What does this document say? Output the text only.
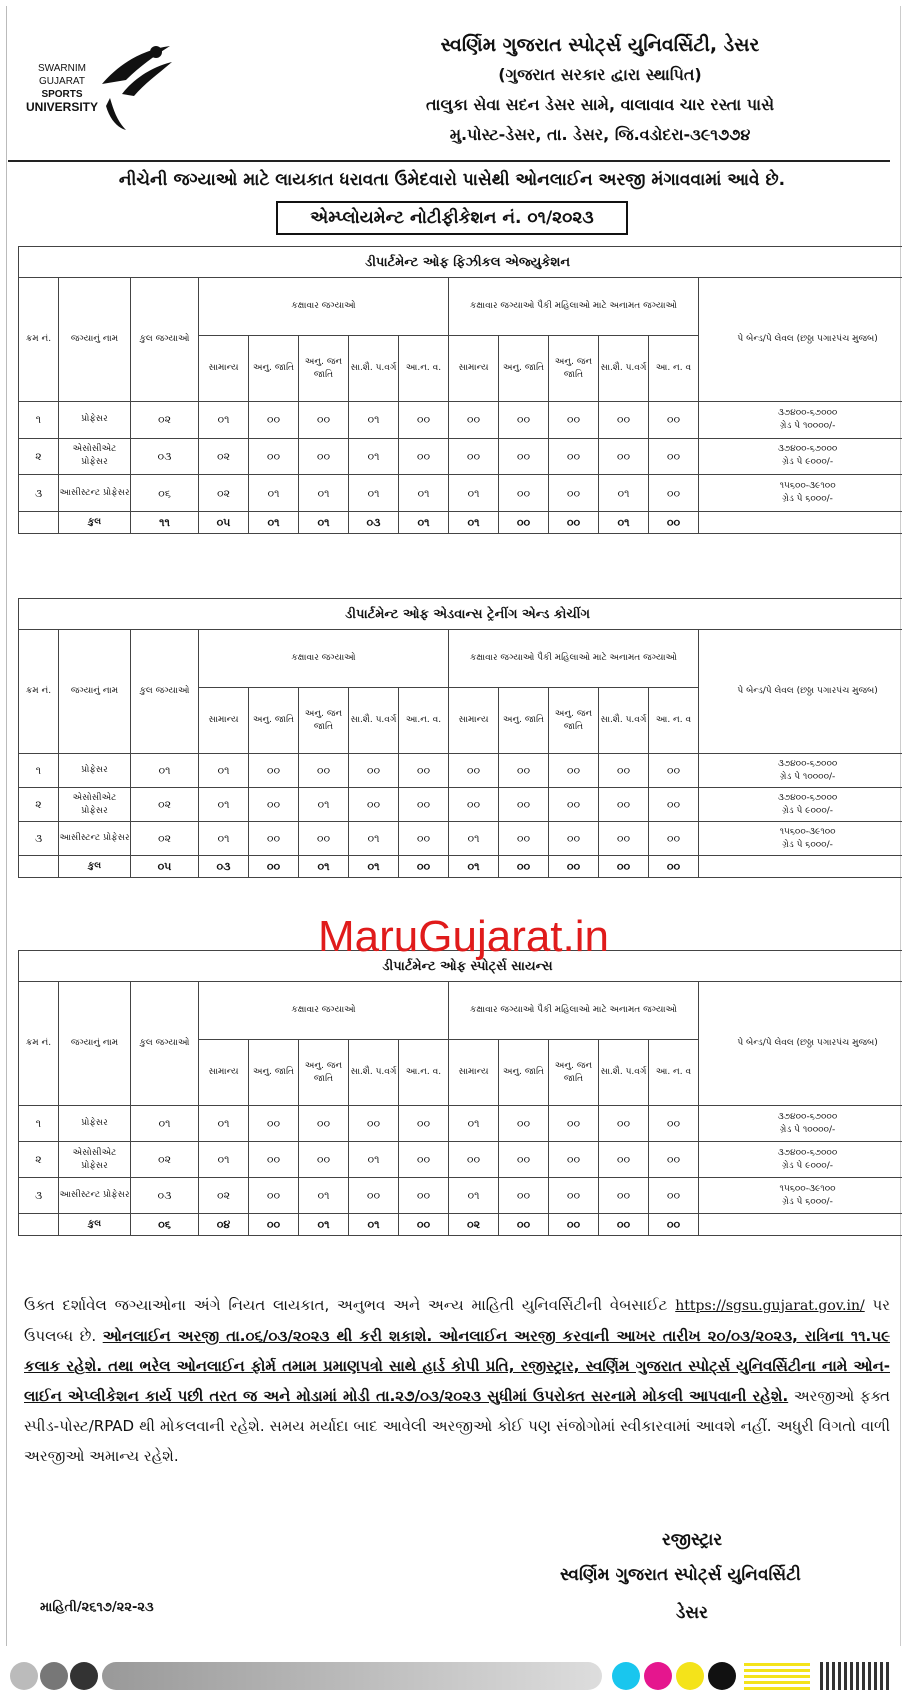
SWARNIM
GUJARAT
SPORTS
UNIVERSITY
સ્વર્ણિમ ગુજરાત સ્પોર્ટ્સ યુનિવર્સિટી, ડેસર
(ગુજરાત સરકાર દ્વારા સ્થાપિત)
તાલુકા સેવા સદન ડેસર સામે, વાલાવાવ ચાર રસ્તા પાસે
મુ.પોસ્ટ-ડેસર, તા. ડેસર, જિ.વડોદરા-૩૯૧૭૭૪
નીચેની જગ્યાઓ માટે લાયકાત ધરાવતા ઉમેદવારો પાસેથી ઓનલાઈન અરજી મંગાવવામાં આવે છે.
એમ્પ્લોયમેન્ટ નોટીફીકેશન નં. ૦૧/૨૦૨૩
ડીપાર્ટમેન્ટ ઓફ ફિઝીકલ એજ્યુકેશન													
ક્રમ નં.	જગ્યાનું નામ	કુલ જગ્યાઓ	કક્ષાવાર જગ્યાઓ					કક્ષાવાર જગ્યાઓ પૈકી મહિલાઓ માટે અનામત જગ્યાઓ					પે બેન્ડ/પે લેવલ (છઠ્ઠા પગારપંચ મુજબ)
			સામાન્ય	અનુ. જાતિ	અનુ. જન જાતિ	સા.શૈ. પ.વર્ગ	આ.ન. વ.	સામાન્ય	અનુ. જાતિ	અનુ. જન જાતિ	સા.શૈ. પ.વર્ગ	આ. ન. વ	
૧	પ્રોફેસર	૦૨	૦૧	૦૦	૦૦	૦૧	૦૦	૦૦	૦૦	૦૦	૦૦	૦૦	૩૭૪૦૦-૬૭૦૦૦
ગ્રેડ પે ૧૦૦૦૦/-

૨	એસોસીએટ પ્રોફેસર	૦૩	૦૨	૦૦	૦૦	૦૧	૦૦	૦૦	૦૦	૦૦	૦૦	૦૦	૩૭૪૦૦-૬૭૦૦૦
ગ્રેડ પે ૯૦૦૦/-

૩	આસીસ્ટન્ટ પ્રોફેસર	૦૬	૦૨	૦૧	૦૧	૦૧	૦૧	૦૧	૦૦	૦૦	૦૧	૦૦	૧૫૬૦૦-૩૯૧૦૦
ગ્રેડ પે ૬૦૦૦/-

	કુલ	૧૧	૦૫	૦૧	૦૧	૦૩	૦૧	૦૧	૦૦	૦૦	૦૧	૦૦	
ડીપાર્ટમેન્ટ ઓફ એડવાન્સ ટ્રેનીંગ એન્ડ કોચીંગ													
ક્રમ નં.	જગ્યાનું નામ	કુલ જગ્યાઓ	કક્ષાવાર જગ્યાઓ					કક્ષાવાર જગ્યાઓ પૈકી મહિલાઓ માટે અનામત જગ્યાઓ					પે બેન્ડ/પે લેવલ (છઠ્ઠા પગારપંચ મુજબ)
			સામાન્ય	અનુ. જાતિ	અનુ. જન જાતિ	સા.શૈ. પ.વર્ગ	આ.ન. વ.	સામાન્ય	અનુ. જાતિ	અનુ. જન જાતિ	સા.શૈ. પ.વર્ગ	આ. ન. વ	
૧	પ્રોફેસર	૦૧	૦૧	૦૦	૦૦	૦૦	૦૦	૦૦	૦૦	૦૦	૦૦	૦૦	૩૭૪૦૦-૬૭૦૦૦
ગ્રેડ પે ૧૦૦૦૦/-

૨	એસોસીએટ પ્રોફેસર	૦૨	૦૧	૦૦	૦૧	૦૦	૦૦	૦૦	૦૦	૦૦	૦૦	૦૦	૩૭૪૦૦-૬૭૦૦૦
ગ્રેડ પે ૯૦૦૦/-

૩	આસીસ્ટન્ટ પ્રોફેસર	૦૨	૦૧	૦૦	૦૦	૦૧	૦૦	૦૧	૦૦	૦૦	૦૦	૦૦	૧૫૬૦૦-૩૯૧૦૦
ગ્રેડ પે ૬૦૦૦/-

	કુલ	૦૫	૦૩	૦૦	૦૧	૦૧	૦૦	૦૧	૦૦	૦૦	૦૦	૦૦	
ડીપાર્ટમેન્ટ ઓફ સ્પોર્ટ્સ સાયન્સ													
ક્રમ નં.	જગ્યાનું નામ	કુલ જગ્યાઓ	કક્ષાવાર જગ્યાઓ					કક્ષાવાર જગ્યાઓ પૈકી મહિલાઓ માટે અનામત જગ્યાઓ					પે બેન્ડ/પે લેવલ (છઠ્ઠા પગારપંચ મુજબ)
			સામાન્ય	અનુ. જાતિ	અનુ. જન જાતિ	સા.શૈ. પ.વર્ગ	આ.ન. વ.	સામાન્ય	અનુ. જાતિ	અનુ. જન જાતિ	સા.શૈ. પ.વર્ગ	આ. ન. વ	
૧	પ્રોફેસર	૦૧	૦૧	૦૦	૦૦	૦૦	૦૦	૦૧	૦૦	૦૦	૦૦	૦૦	૩૭૪૦૦-૬૭૦૦૦
ગ્રેડ પે ૧૦૦૦૦/-

૨	એસોસીએટ પ્રોફેસર	૦૨	૦૧	૦૦	૦૦	૦૧	૦૦	૦૦	૦૦	૦૦	૦૦	૦૦	૩૭૪૦૦-૬૭૦૦૦
ગ્રેડ પે ૯૦૦૦/-

૩	આસીસ્ટન્ટ પ્રોફેસર	૦૩	૦૨	૦૦	૦૧	૦૦	૦૦	૦૧	૦૦	૦૦	૦૦	૦૦	૧૫૬૦૦-૩૯૧૦૦
ગ્રેડ પે ૬૦૦૦/-

	કુલ	૦૬	૦૪	૦૦	૦૧	૦૧	૦૦	૦૨	૦૦	૦૦	૦૦	૦૦	
MaruGujarat.in
ઉક્ત દર્શાવેલ જગ્યાઓના અંગે નિયત લાયકાત, અનુભવ અને અન્ય માહિતી યુનિવર્સિટીની વેબસાઈટ https://sgsu.gujarat.gov.in/ પર ઉપલબ્ધ છે. ઓનલાઈન અરજી તા.૦૬/૦૩/૨૦૨૩ થી કરી શકાશે. ઓનલાઈન અરજી કરવાની આખર તારીખ ૨૦/૦૩/૨૦૨૩, રાત્રિના ૧૧.૫૯ કલાક રહેશે. તથા ભરેલ ઓનલાઈન ફોર્મ તમામ પ્રમાણપત્રો સાથે હાર્ડ કોપી પ્રતિ, રજીસ્ટ્રાર, સ્વર્ણિમ ગુજરાત સ્પોર્ટ્સ યુનિવર્સિટીના નામે ઓન-લાઈન એપ્લીકેશન કાર્ય પછી તરત જ અને મોડામાં મોડી તા.૨૭/૦૩/૨૦૨૩ સુધીમાં ઉપરોક્ત સરનામે મોકલી આપવાની રહેશે. અરજીઓ ફક્ત સ્પીડ-પોસ્ટ/RPAD થી મોકલવાની રહેશે. સમય મર્યાદા બાદ આવેલી અરજીઓ કોઈ પણ સંજોગોમાં સ્વીકારવામાં આવશે નહીં. અધુરી વિગતો વાળી અરજીઓ અમાન્ય રહેશે.
રજીસ્ટ્રાર
સ્વર્ણિમ ગુજરાત સ્પોર્ટ્સ યુનિવર્સિટી
ડેસર
માહિતી/૨૬૧૭/૨૨-૨૩
